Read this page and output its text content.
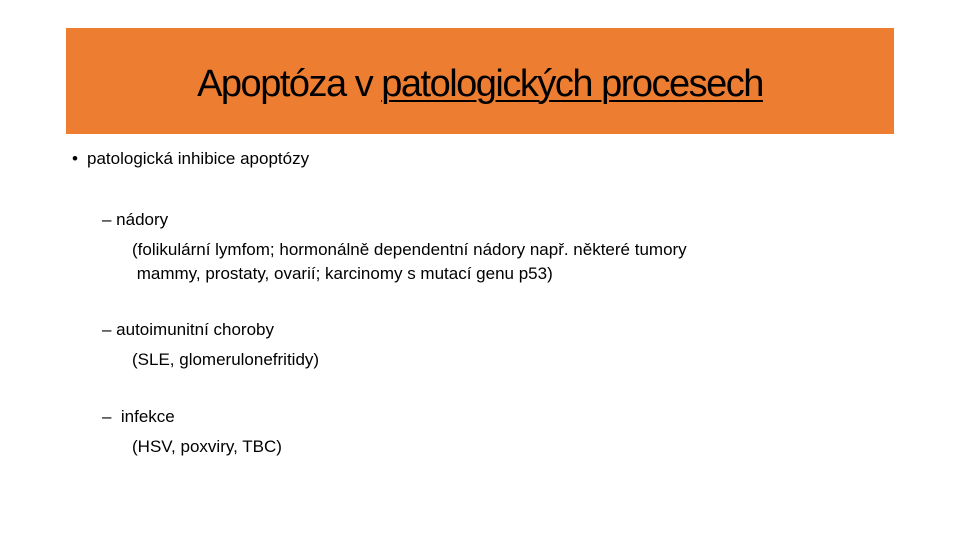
Apoptóza v patologických procesech
• patologická inhibice apoptózy
– nádory
(folikulární lymfom; hormonálně dependentní nádory např. některé tumory
mammy, prostaty, ovarií; karcinomy s mutací genu p53)
– autoimunitní choroby
(SLE, glomerulonefritidy)
–  infekce
(HSV, poxviry, TBC)
